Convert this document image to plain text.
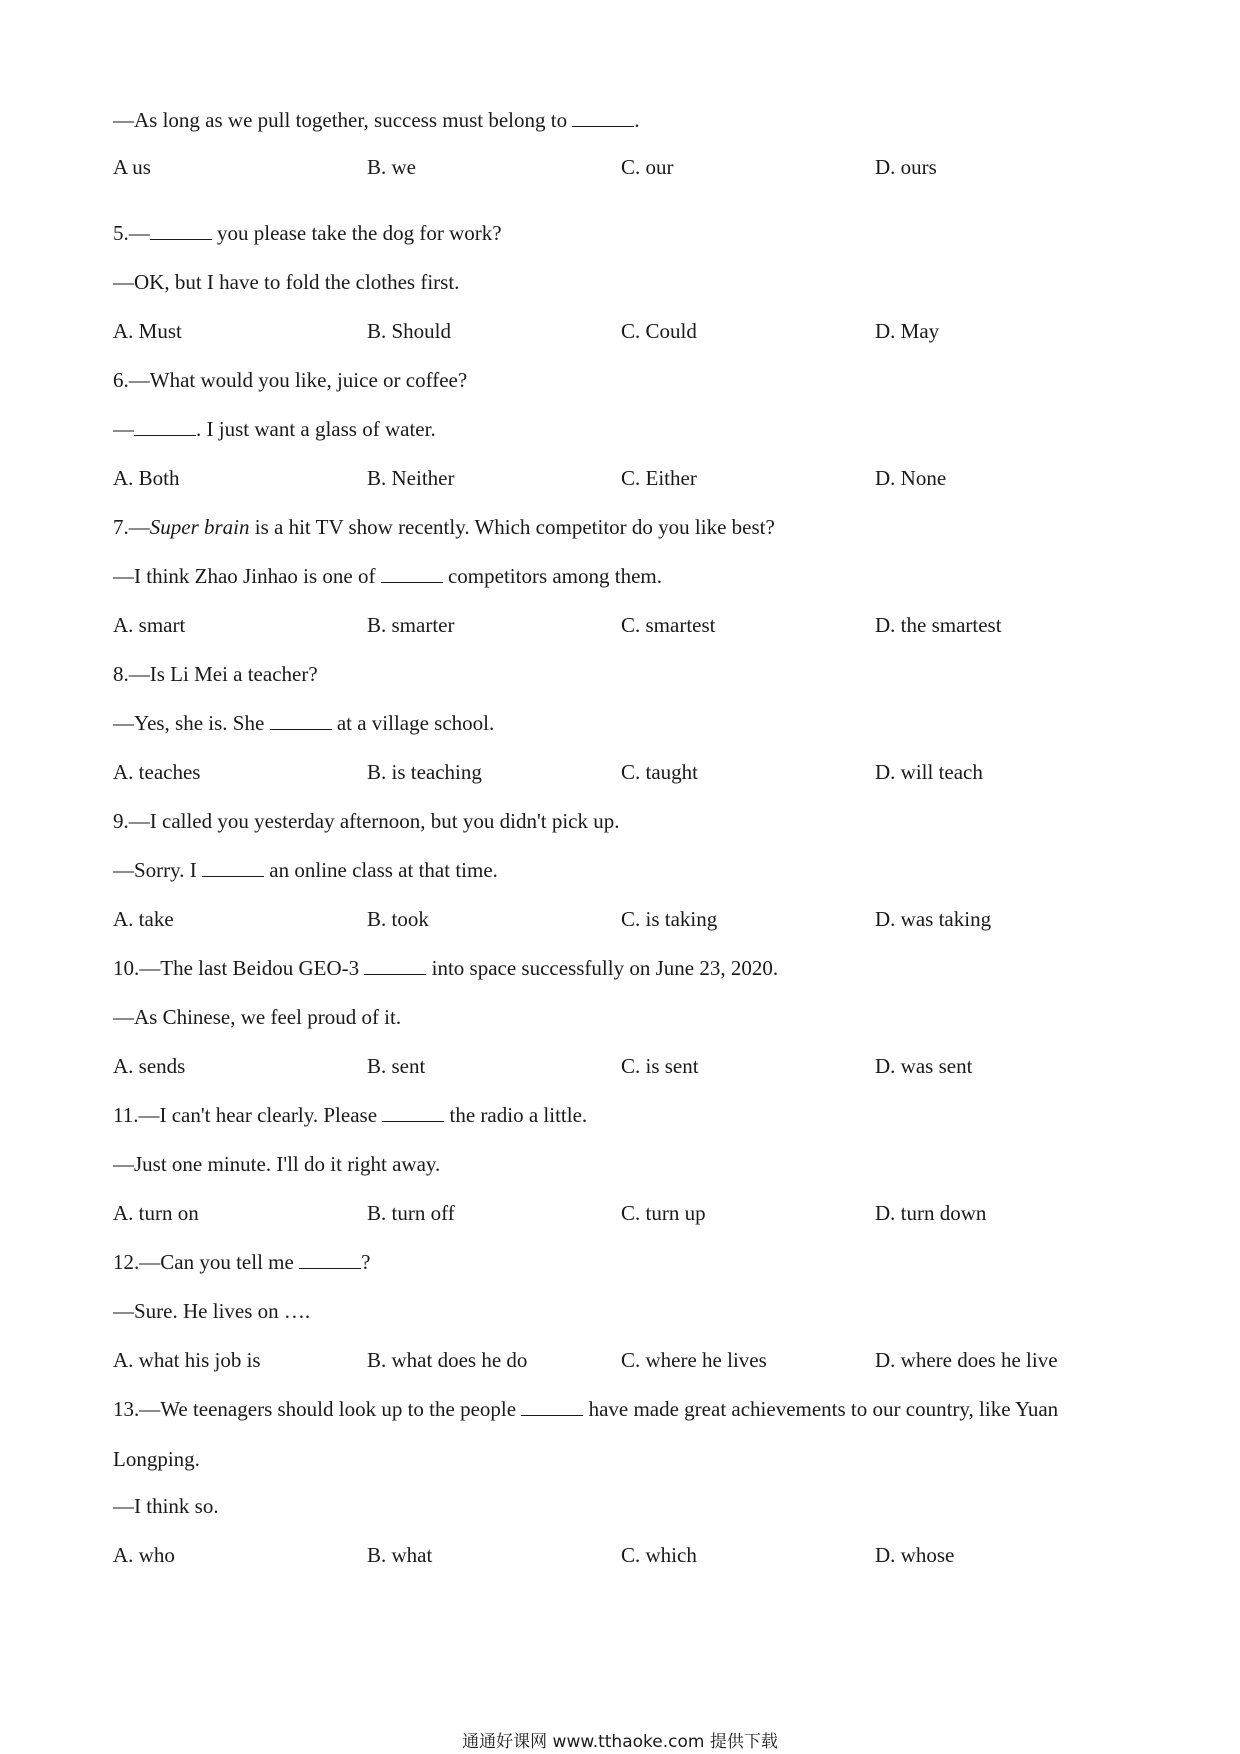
—As long as we pull together, success must belong to	.
A us	B. we	C. our	D. ours
5.—	you please take the dog for work?
—OK, but I have to fold the clothes first.
A. Must	B. Should	C. Could	D. May
6.—What would you like, juice or coffee?
—	. I just want a glass of water.
A. Both	B. Neither	C. Either	D. None
7.—Super brain is a hit TV show recently. Which competitor do you like best?
—I think Zhao Jinhao is one of	competitors among them.
A. smart	B. smarter	C. smartest	D. the smartest
8.—Is Li Mei a teacher?
—Yes, she is. She	at a village school.
A. teaches	B. is teaching	C. taught	D. will teach
9.—I called you yesterday afternoon, but you didn't pick up.
—Sorry. I	an online class at that time.
A. take	B. took	C. is taking	D. was taking
10.—The last Beidou GEO-3	into space successfully on June 23, 2020.
—As Chinese, we feel proud of it.
A. sends	B. sent	C. is sent	D. was sent
11.—I can't hear clearly. Please	the radio a little.
—Just one minute. I'll do it right away.
A. turn on	B. turn off	C. turn up	D. turn down
12.—Can you tell me	?
—Sure. He lives on ….
A. what his job is	B. what does he do	C. where he lives	D. where does he live
13.—We teenagers should look up to the people	have made great achievements to our country, like Yuan
Longping.
—I think so.
A. who	B. what	C. which	D. whose
通通好课网 www.tthaoke.com 提供下载
